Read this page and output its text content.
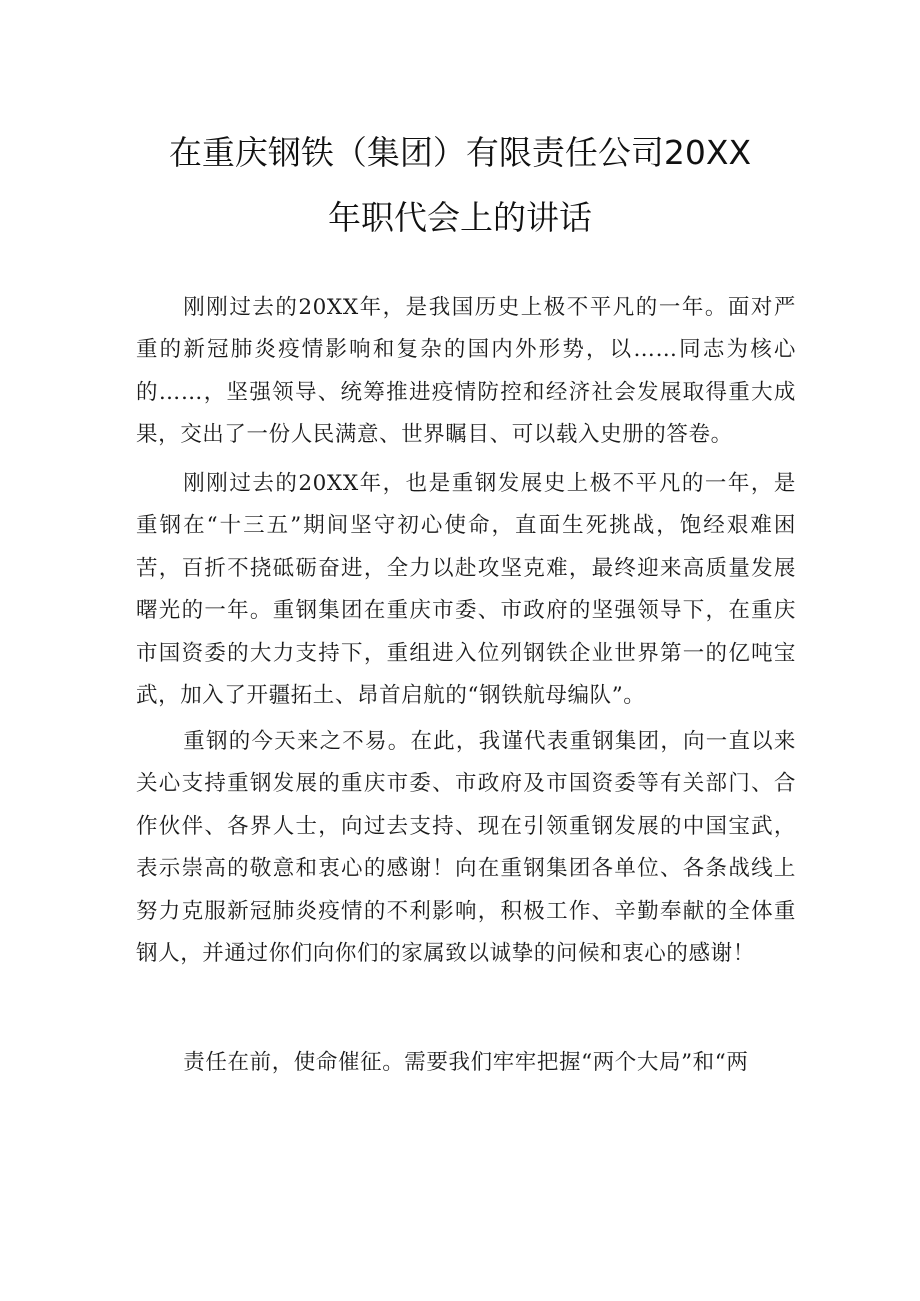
在重庆钢铁（集团）有限责任公司20XX
年职代会上的讲话

刚刚过去的20XX年，是我国历史上极不平凡的一年。面对严重的新冠肺炎疫情影响和复杂的国内外形势，以……同志为核心的……，坚强领导、统筹推进疫情防控和经济社会发展取得重大成果，交出了一份人民满意、世界瞩目、可以载入史册的答卷。

刚刚过去的20XX年，也是重钢发展史上极不平凡的一年，是重钢在“十三五”期间坚守初心使命，直面生死挑战，饱经艰难困苦，百折不挠砥砺奋进，全力以赴攻坚克难，最终迎来高质量发展曙光的一年。重钢集团在重庆市委、市政府的坚强领导下，在重庆市国资委的大力支持下，重组进入位列钢铁企业世界第一的亿吨宝武，加入了开疆拓土、昂首启航的“钢铁航母编队”。

重钢的今天来之不易。在此，我谨代表重钢集团，向一直以来关心支持重钢发展的重庆市委、市政府及市国资委等有关部门、合作伙伴、各界人士，向过去支持、现在引领重钢发展的中国宝武，表示崇高的敬意和衷心的感谢！向在重钢集团各单位、各条战线上努力克服新冠肺炎疫情的不利影响，积极工作、辛勤奉献的全体重钢人，并通过你们向你们的家属致以诚挚的问候和衷心的感谢！

责任在前，使命催征。需要我们牢牢把握“两个大局”和“两
